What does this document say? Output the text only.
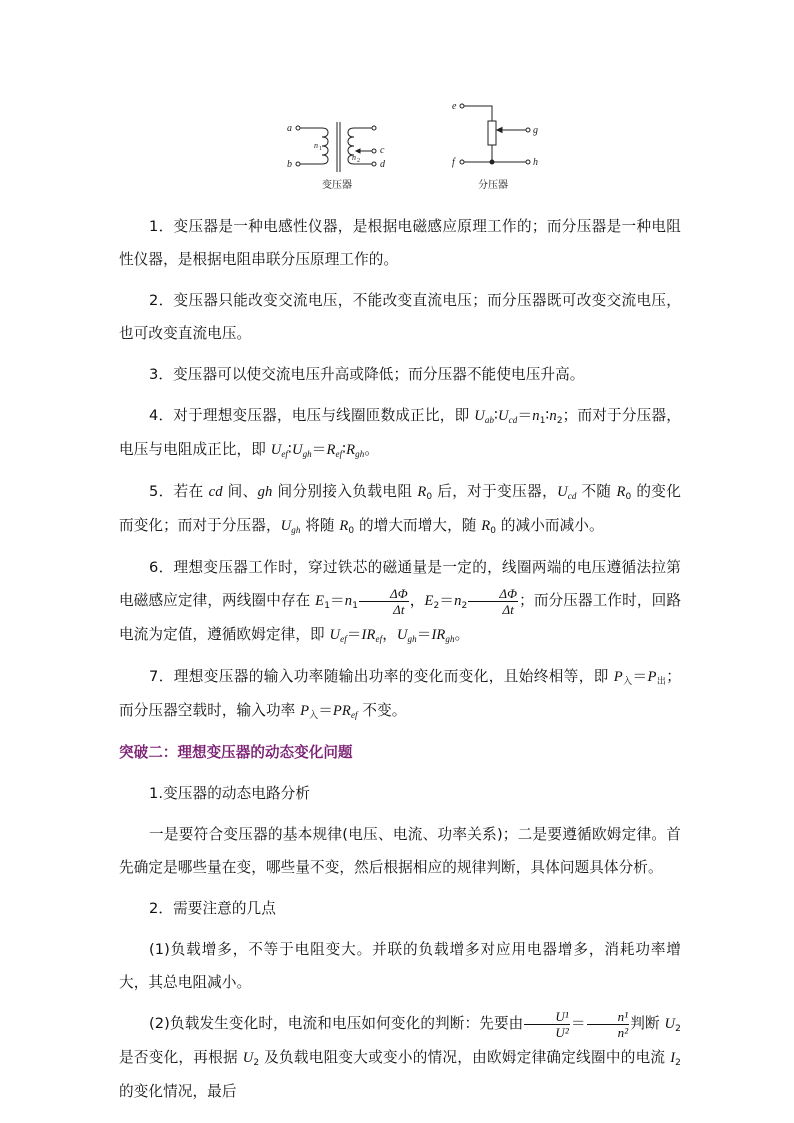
a
b
n 1
n 2
c
d
e
g
f	h
变压器	分压器

1．变压器是一种电感性仪器，是根据电磁感应原理工作的；而分压器是一种电阻性仪器，是根据电阻串联分压原理工作的。

2．变压器只能改变交流电压，不能改变直流电压；而分压器既可改变交流电压，也可改变直流电压。

3．变压器可以使交流电压升高或降低；而分压器不能使电压升高。

4．对于理想变压器，电压与线圈匝数成正比，即 $U_{ab}∶U_{cd}=n_1∶n_2$；而对于分压器，电压与电阻成正比，即 $U_{ef}∶U_{gh}=R_{ef}∶R_{gh}$。

5．若在 cd 间、gh 间分别接入负载电阻 $R_0$ 后，对于变压器，$U_{cd}$ 不随 $R_0$ 的变化而变化；而对于分压器，$U_{gh}$ 将随 $R_0$ 的增大而增大，随 $R_0$ 的减小而减小。

6．理想变压器工作时，穿过铁芯的磁通量是一定的，线圈两端的电压遵循法拉第电磁感应定律，两线圈中存在 $E_1=n_1 \frac{\Delta\Phi}{\Delta t}$ ，$E_2=n_2 \frac{\Delta\Phi}{\Delta t}$ ；而分压器工作时，回路电流为定值，遵循欧姆定律，即 $U_{ef}=IR_{ef}$，$U_{gh}=IR_{gh}$。

7．理想变压器的输入功率随输出功率的变化而变化，且始终相等，即 $P_入=P_出$；而分压器空载时，输入功率 $P_入=PR_{ef}$ 不变。

突破二：理想变压器的动态变化问题

1.变压器的动态电路分析

一是要符合变压器的基本规律(电压、电流、功率关系)；二是要遵循欧姆定律。首先确定是哪些量在变，哪些量不变，然后根据相应的规律判断，具体问题具体分析。

2．需要注意的几点

(1)负载增多，不等于电阻变大。并联的负载增多对应用电器增多，消耗功率增大，其总电阻减小。

(2)负载发生变化时，电流和电压如何变化的判断：先要由 $\frac{\text{U¹}}{\text{U²}} = \frac{\text{n¹}}{\text{n²}}$ 判断 $U_2$ 是否变化，再根据 $U_2$ 及负载电阻变大或变小的情况，由欧姆定律确定线圈中的电流 $I_2$ 的变化情况，最后
